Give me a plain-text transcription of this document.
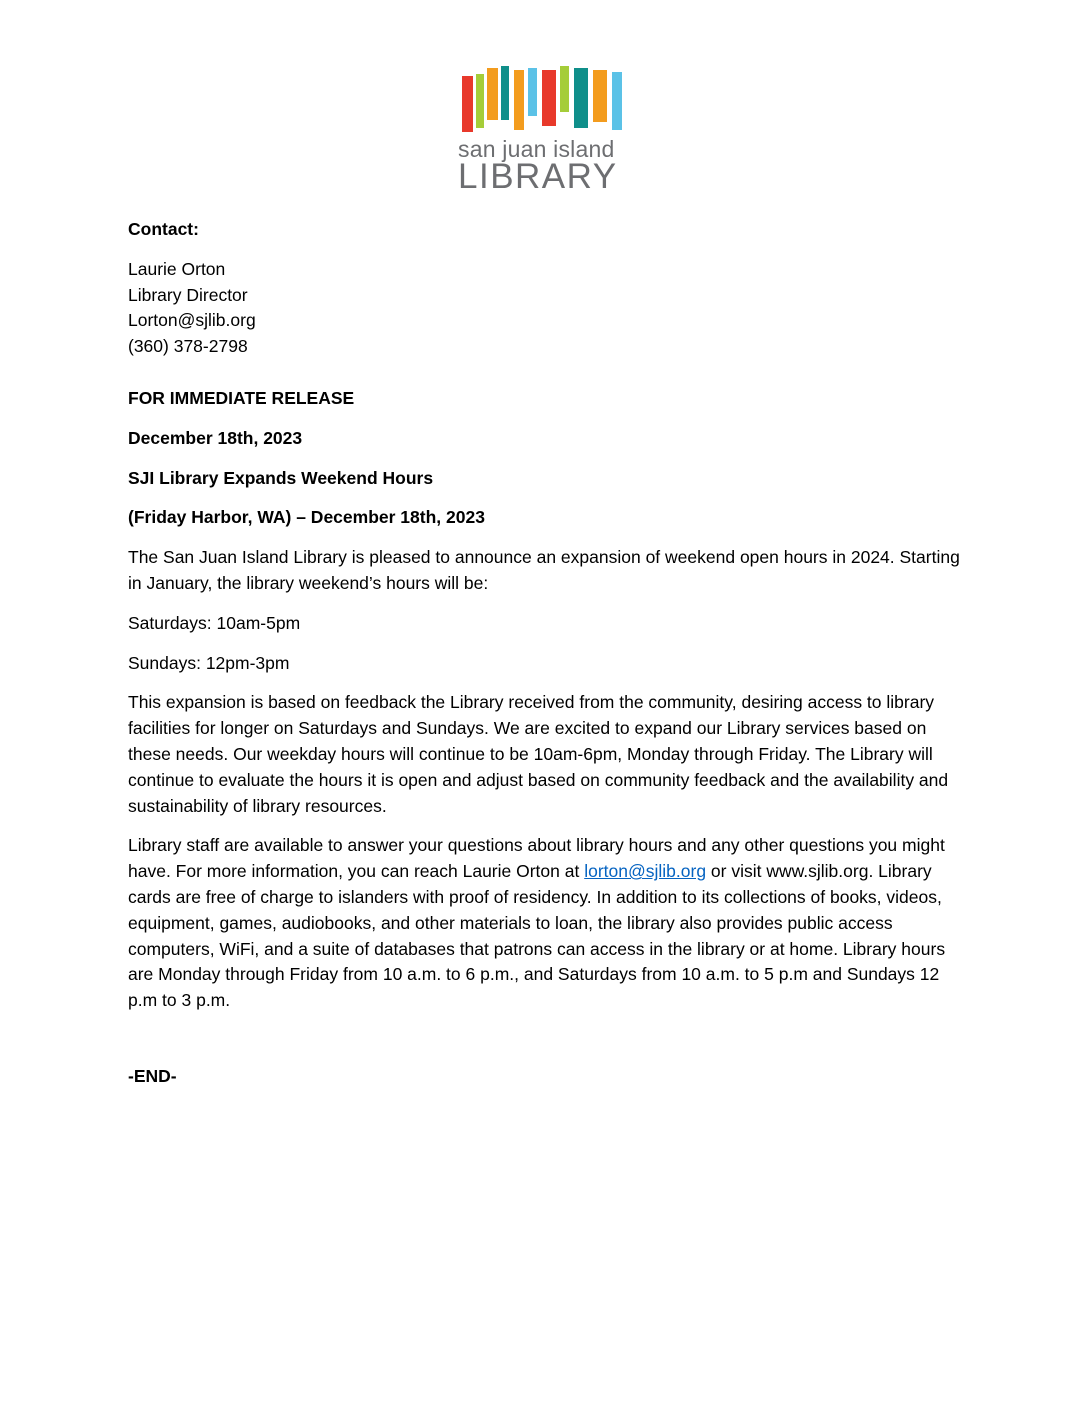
san juan island
LIBRARY

Contact:

Laurie Orton
Library Director
Lorton@sjlib.org
(360) 378-2798

FOR IMMEDIATE RELEASE

December 18th, 2023

SJI Library Expands Weekend Hours

(Friday Harbor, WA) – December 18th, 2023

The San Juan Island Library is pleased to announce an expansion of weekend open hours in 2024. Starting in January, the library weekend’s hours will be:

Saturdays: 10am-5pm

Sundays: 12pm-3pm

This expansion is based on feedback the Library received from the community, desiring access to library facilities for longer on Saturdays and Sundays. We are excited to expand our Library services based on these needs. Our weekday hours will continue to be 10am-6pm, Monday through Friday. The Library will continue to evaluate the hours it is open and adjust based on community feedback and the availability and sustainability of library resources.

Library staff are available to answer your questions about library hours and any other questions you might have. For more information, you can reach Laurie Orton at lorton@sjlib.org or visit www.sjlib.org. Library cards are free of charge to islanders with proof of residency. In addition to its collections of books, videos, equipment, games, audiobooks, and other materials to loan, the library also provides public access computers, WiFi, and a suite of databases that patrons can access in the library or at home. Library hours are Monday through Friday from 10 a.m. to 6 p.m., and Saturdays from 10 a.m. to 5 p.m and Sundays 12 p.m to 3 p.m.

-END-
